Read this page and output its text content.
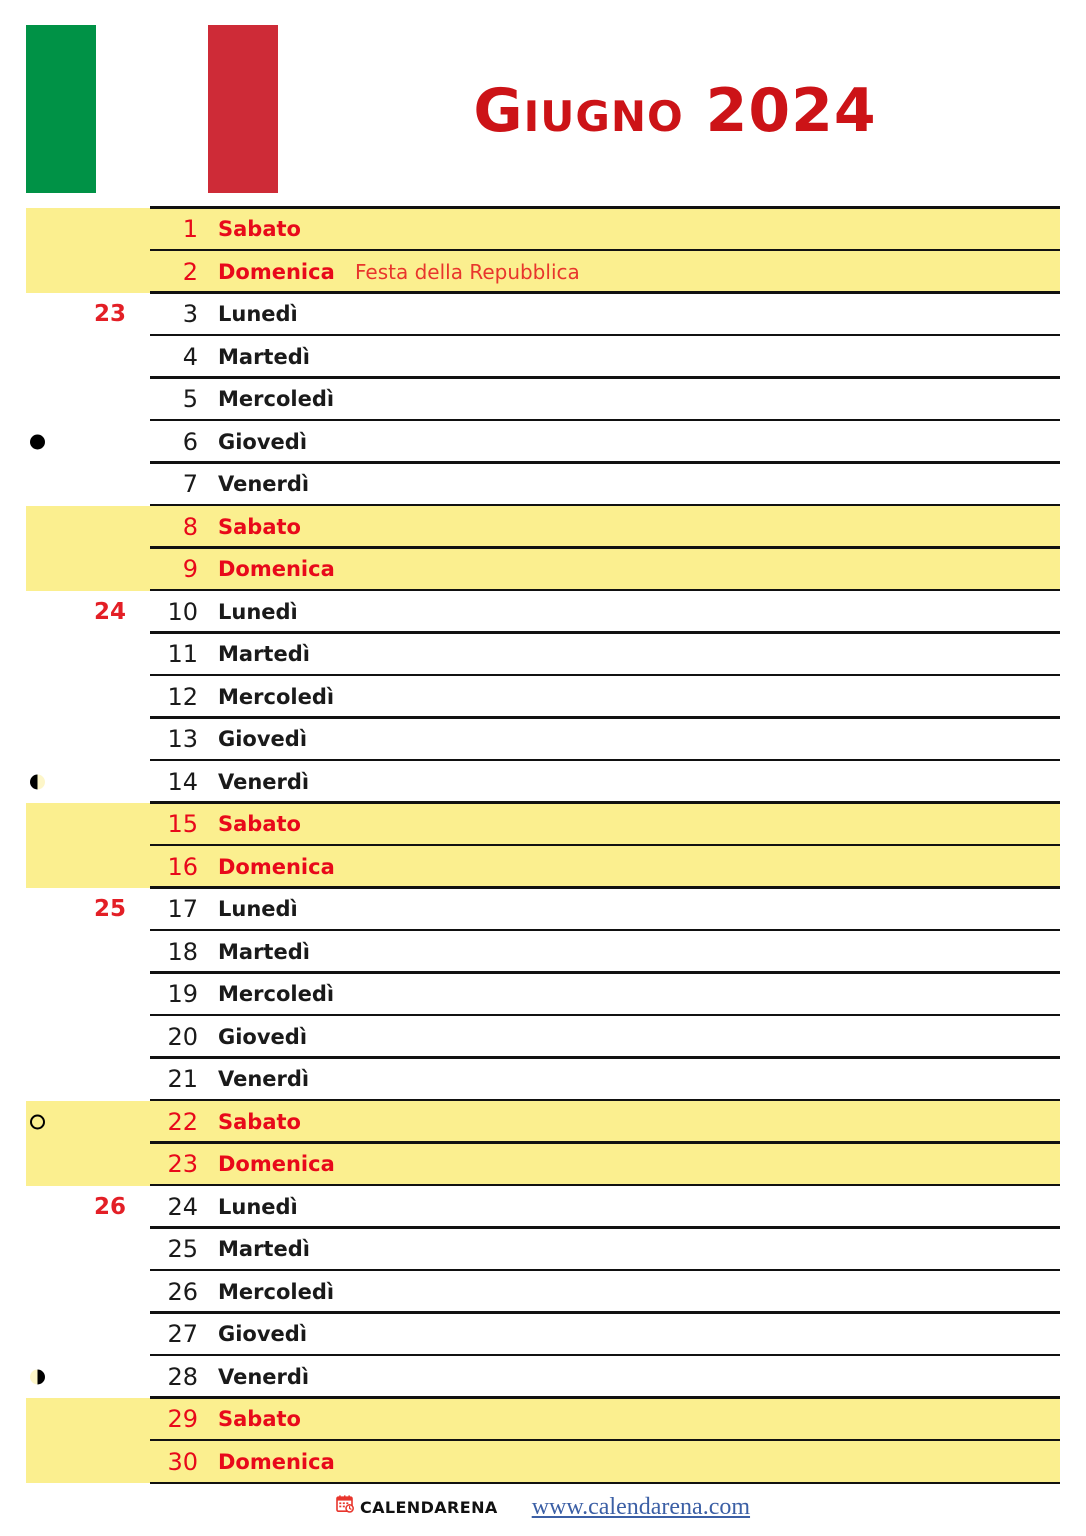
Giugno 2024
1 Sabato
2 Domenica Festa della Repubblica
23	3 Lunedì
4 Martedì
5 Mercoledì
6 Giovedì
7 Venerdì
8 Sabato
9 Domenica
24	10 Lunedì
11 Martedì
12 Mercoledì
13 Giovedì
14 Venerdì
15 Sabato
16 Domenica
25	17 Lunedì
18 Martedì
19 Mercoledì
20 Giovedì
21 Venerdì
22 Sabato
23 Domenica
26	24 Lunedì
25 Martedì
26 Mercoledì
27 Giovedì
28 Venerdì
29 Sabato
30 Domenica
CALENDARENA www.calendarena.com
